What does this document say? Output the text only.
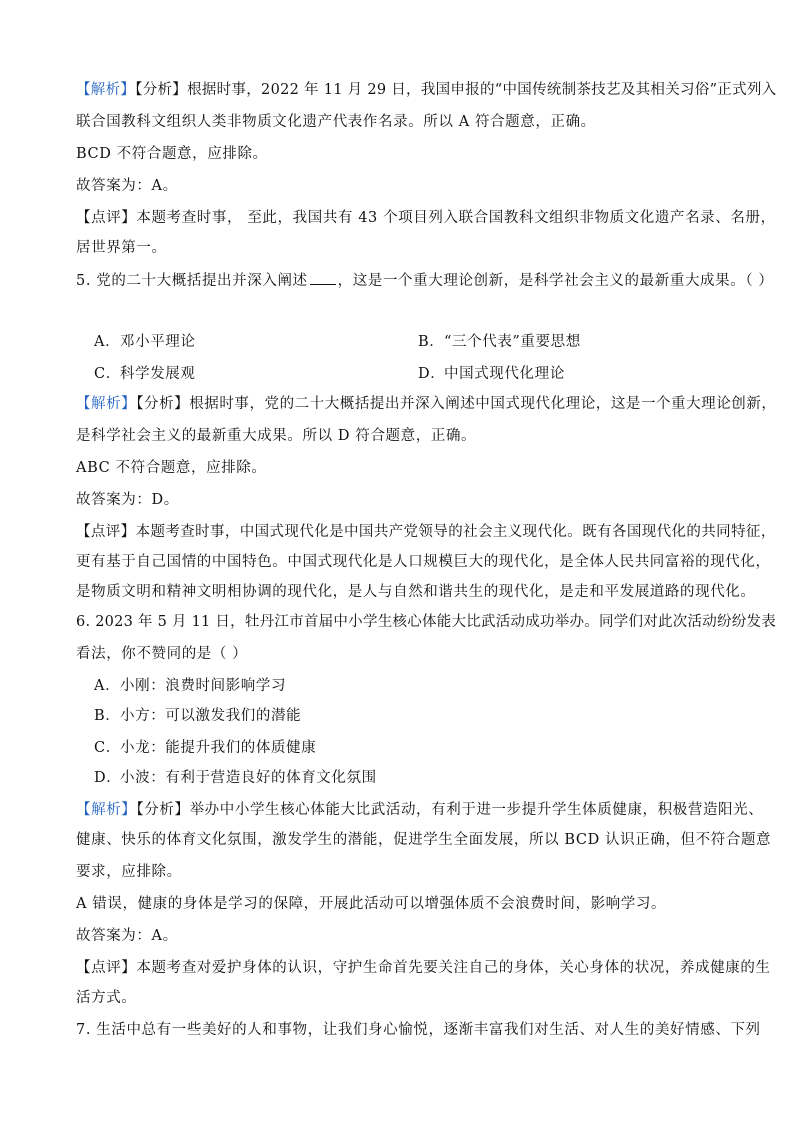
【解析】【分析】根据时事，2022 年 11 月 29 日，我国申报的“中国传统制茶技艺及其相关习俗”正式列入
联合国教科文组织人类非物质文化遗产代表作名录。所以 A 符合题意，正确。
BCD 不符合题意，应排除。
故答案为：A。
【点评】本题考查时事， 至此，我国共有 43 个项目列入联合国教科文组织非物质文化遗产名录、名册，
居世界第一。
5. 党的二十大概括提出并深入阐述 ，这是一个重大理论创新，是科学社会主义的最新重大成果。（ ）
A．邓小平理论	B．“三个代表”重要思想
C．科学发展观	D．中国式现代化理论
【解析】【分析】根据时事，党的二十大概括提出并深入阐述中国式现代化理论，这是一个重大理论创新，
是科学社会主义的最新重大成果。所以 D 符合题意，正确。
ABC 不符合题意，应排除。
故答案为：D。
【点评】本题考查时事，中国式现代化是中国共产党领导的社会主义现代化。既有各国现代化的共同特征，
更有基于自己国情的中国特色。中国式现代化是人口规模巨大的现代化，是全体人民共同富裕的现代化，
是物质文明和精神文明相协调的现代化，是人与自然和谐共生的现代化，是走和平发展道路的现代化。
6. 2023 年 5 月 11 日，牡丹江市首届中小学生核心体能大比武活动成功举办。同学们对此次活动纷纷发表
看法，你不赞同的是（ ）
A．小刚：浪费时间影响学习
B．小方：可以激发我们的潜能
C．小龙：能提升我们的体质健康
D．小波：有利于营造良好的体育文化氛围
【解析】【分析】举办中小学生核心体能大比武活动，有利于进一步提升学生体质健康，积极营造阳光、
健康、快乐的体育文化氛围，激发学生的潜能，促进学生全面发展，所以 BCD 认识正确，但不符合题意
要求，应排除。
A 错误，健康的身体是学习的保障，开展此活动可以增强体质不会浪费时间，影响学习。
故答案为：A。
【点评】本题考查对爱护身体的认识，守护生命首先要关注自己的身体，关心身体的状况，养成健康的生
活方式。
7. 生活中总有一些美好的人和事物，让我们身心愉悦，逐渐丰富我们对生活、对人生的美好情感、下列
